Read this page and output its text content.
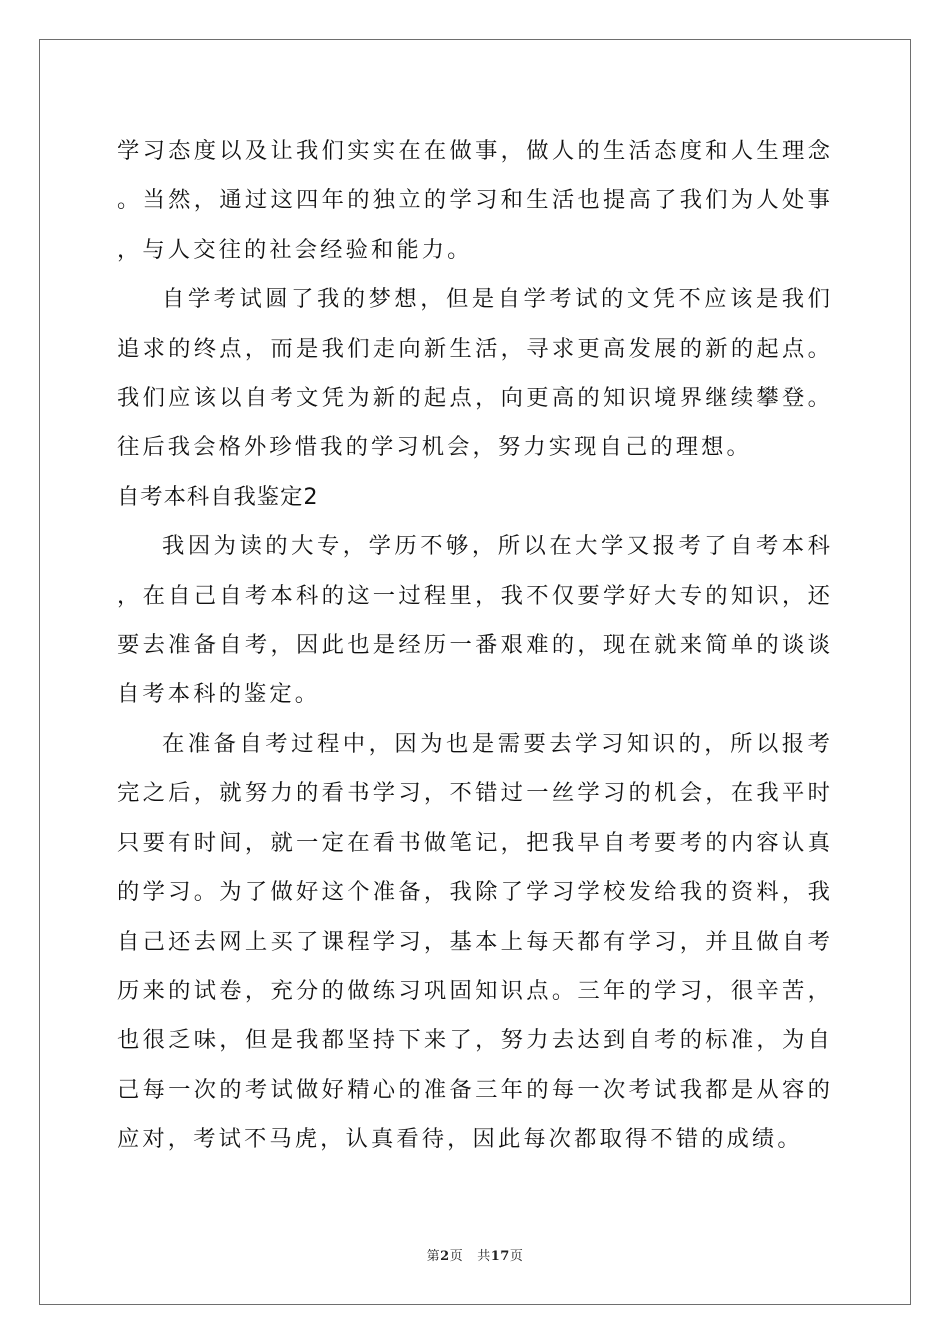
学习态度以及让我们实实在在做事，做人的生活态度和人生理念。当然，通过这四年的独立的学习和生活也提高了我们为人处事，与人交往的社会经验和能力。

自学考试圆了我的梦想，但是自学考试的文凭不应该是我们追求的终点，而是我们走向新生活，寻求更高发展的新的起点。我们应该以自考文凭为新的起点，向更高的知识境界继续攀登。往后我会格外珍惜我的学习机会，努力实现自己的理想。

自考本科自我鉴定2

我因为读的大专，学历不够，所以在大学又报考了自考本科，在自己自考本科的这一过程里，我不仅要学好大专的知识，还要去准备自考，因此也是经历一番艰难的，现在就来简单的谈谈自考本科的鉴定。

在准备自考过程中，因为也是需要去学习知识的，所以报考完之后，就努力的看书学习，不错过一丝学习的机会，在我平时只要有时间，就一定在看书做笔记，把我早自考要考的内容认真的学习。为了做好这个准备，我除了学习学校发给我的资料，我自己还去网上买了课程学习，基本上每天都有学习，并且做自考历来的试卷，充分的做练习巩固知识点。三年的学习，很辛苦，也很乏味，但是我都坚持下来了，努力去达到自考的标准，为自己每一次的考试做好精心的准备三年的每一次考试我都是从容的应对，考试不马虎，认真看待，因此每次都取得不错的成绩。

第2页 共17页
